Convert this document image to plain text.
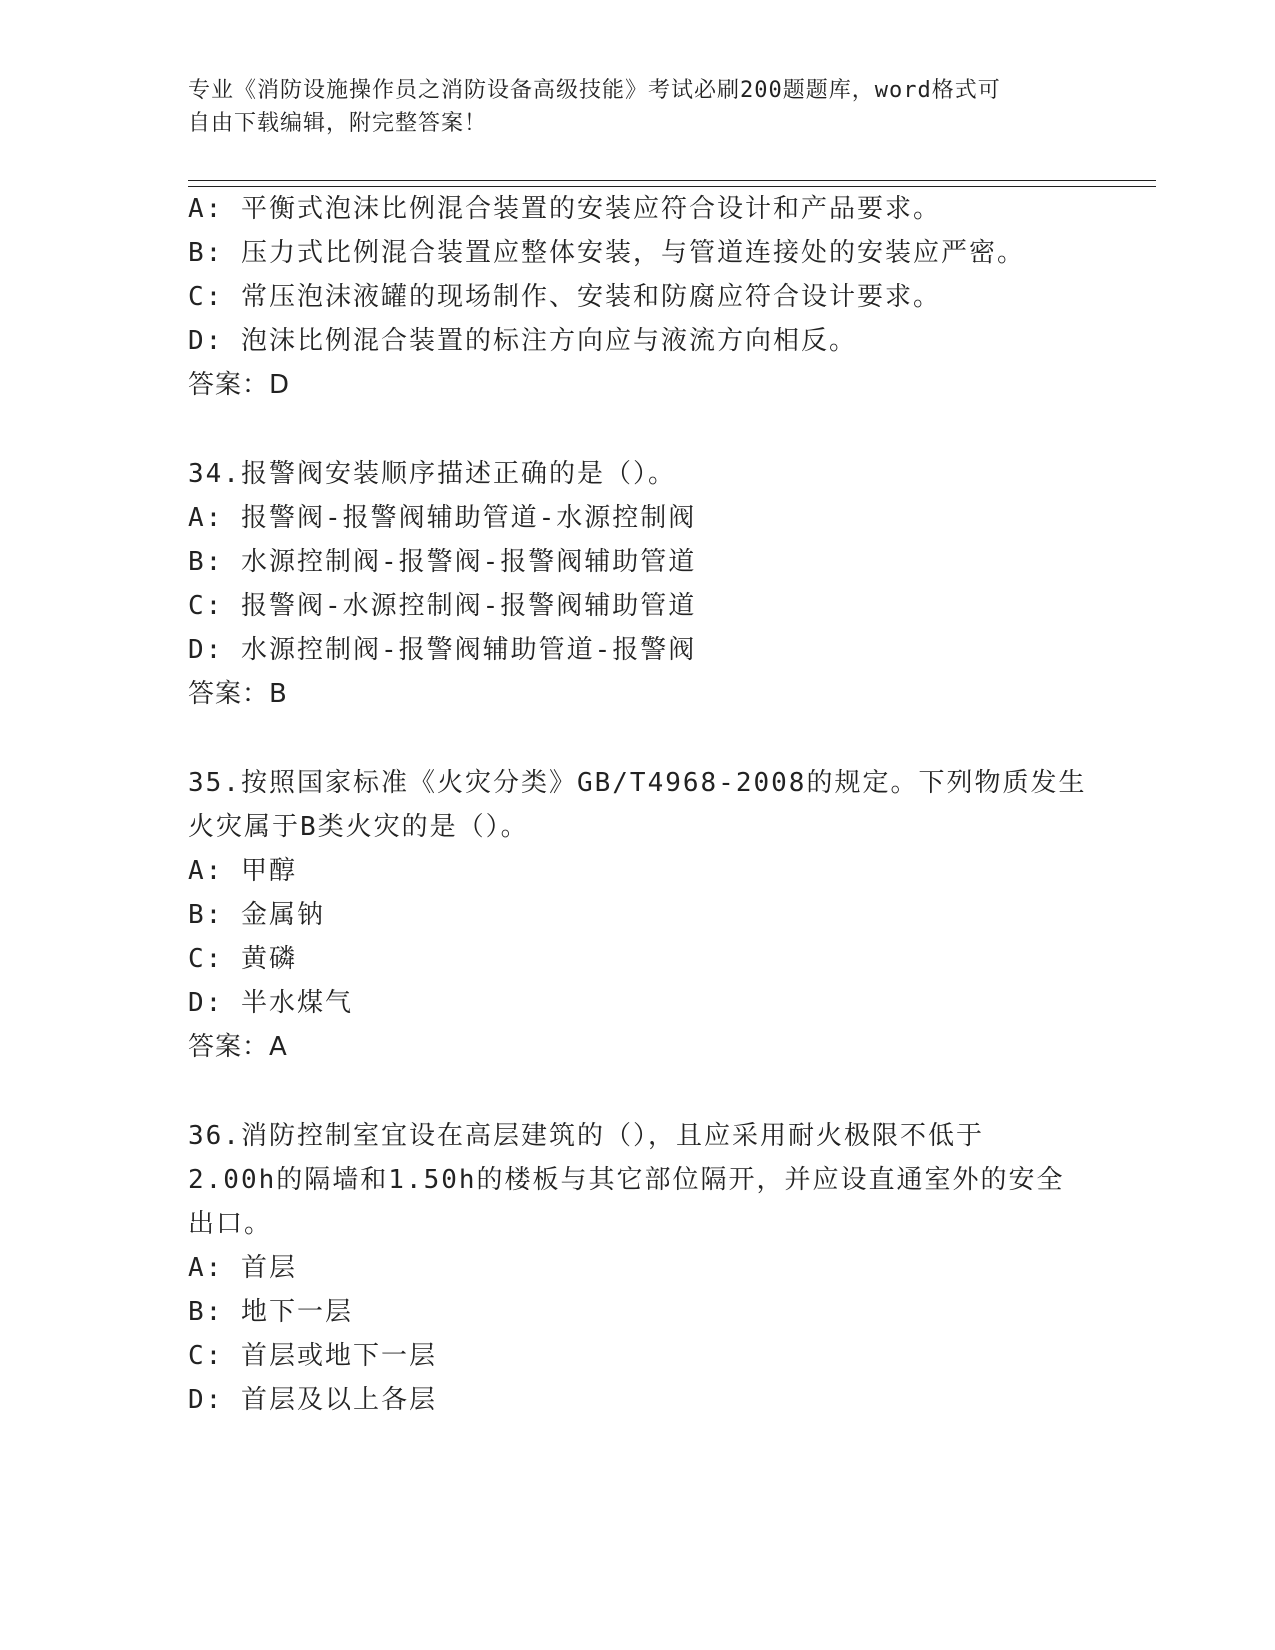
专业《消防设施操作员之消防设备高级技能》考试必刷200题题库，word格式可
自由下载编辑，附完整答案！
A: 平衡式泡沫比例混合装置的安装应符合设计和产品要求。
B: 压力式比例混合装置应整体安装，与管道连接处的安装应严密。
C: 常压泡沫液罐的现场制作、安装和防腐应符合设计要求。
D: 泡沫比例混合装置的标注方向应与液流方向相反。
答案：D
34.报警阀安装顺序描述正确的是（）。
A: 报警阀-报警阀辅助管道-水源控制阀
B: 水源控制阀-报警阀-报警阀辅助管道
C: 报警阀-水源控制阀-报警阀辅助管道
D: 水源控制阀-报警阀辅助管道-报警阀
答案：B
35.按照国家标准《火灾分类》GB/T4968-2008的规定。下列物质发生
火灾属于B类火灾的是（）。
A: 甲醇
B: 金属钠
C: 黄磷
D: 半水煤气
答案：A
36.消防控制室宜设在高层建筑的（），且应采用耐火极限不低于
2.00h的隔墙和1.50h的楼板与其它部位隔开，并应设直通室外的安全
出口。
A: 首层
B: 地下一层
C: 首层或地下一层
D: 首层及以上各层
